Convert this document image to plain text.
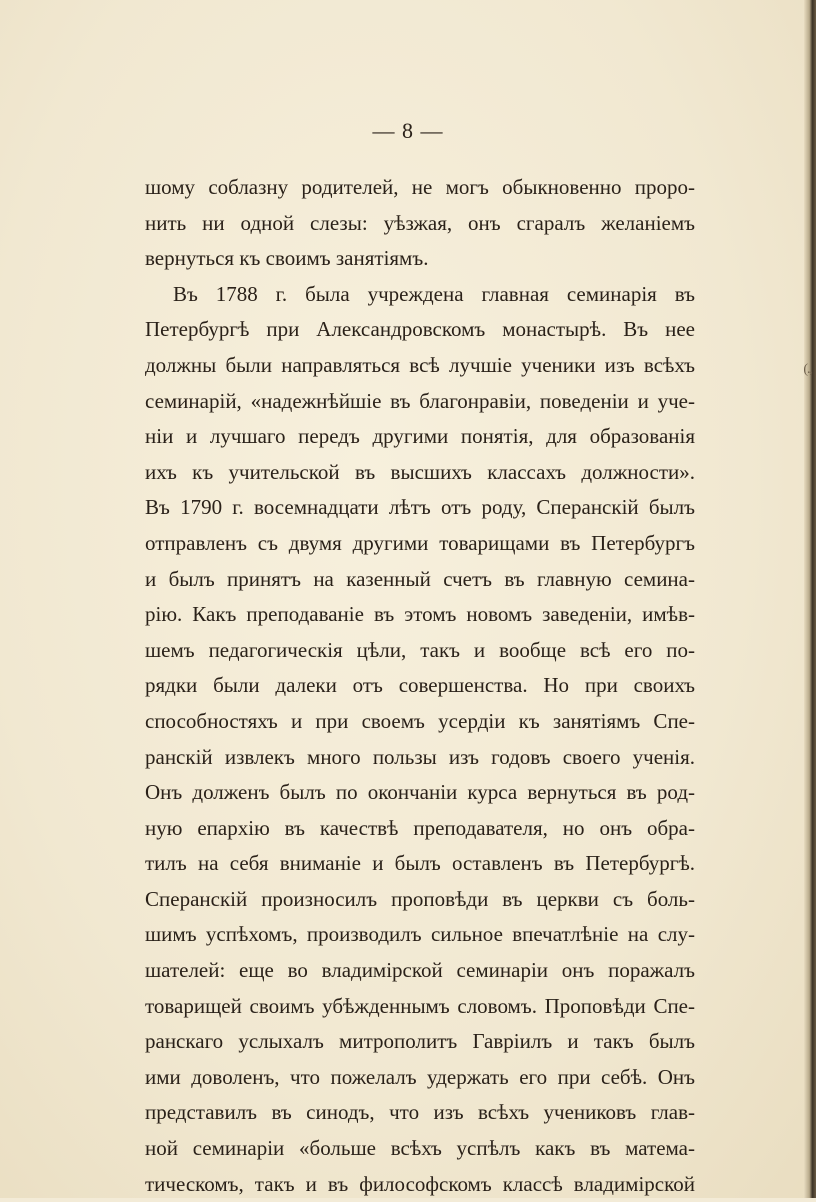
(.,
— 8 —
шому соблазну родителей, не могъ обыкновенно проро-
нить ни одной слезы: уѣзжая, онъ сгаралъ желаніемъ
вернуться къ своимъ занятіямъ.
Въ 1788 г. была учреждена главная семинарія въ
Петербургѣ при Александровскомъ монастырѣ. Въ нее
должны были направляться всѣ лучшіе ученики изъ всѣхъ
семинарій, «надежнѣйшіе въ благонравіи, поведеніи и уче-
ніи и лучшаго передъ другими понятія, для образованія
ихъ къ учительской въ высшихъ классахъ должности».
Въ 1790 г. восемнадцати лѣтъ отъ роду, Сперанскій былъ
отправленъ съ двумя другими товарищами въ Петербургъ
и былъ принятъ на казенный счетъ въ главную семина-
рію. Какъ преподаваніе въ этомъ новомъ заведеніи, имѣв-
шемъ педагогическія цѣли, такъ и вообще всѣ его по-
рядки были далеки отъ совершенства. Но при своихъ
способностяхъ и при своемъ усердіи къ занятіямъ Спе-
ранскій извлекъ много пользы изъ годовъ своего ученія.
Онъ долженъ былъ по окончаніи курса вернуться въ род-
ную епархію въ качествѣ преподавателя, но онъ обра-
тилъ на себя вниманіе и былъ оставленъ въ Петербургѣ.
Сперанскій произносилъ проповѣди въ церкви съ боль-
шимъ успѣхомъ, производилъ сильное впечатлѣніе на слу-
шателей: еще во владимірской семинаріи онъ поражалъ
товарищей своимъ убѣжденнымъ словомъ. Проповѣди Спе-
ранскаго услыхалъ митрополитъ Гавріилъ и такъ былъ
ими доволенъ, что пожелалъ удержать его при себѣ. Онъ
представилъ въ синодъ, что изъ всѣхъ учениковъ глав-
ной семинаріи «больше всѣхъ успѣлъ какъ въ матема-
тическомъ, такъ и въ философскомъ классѣ владимірской
